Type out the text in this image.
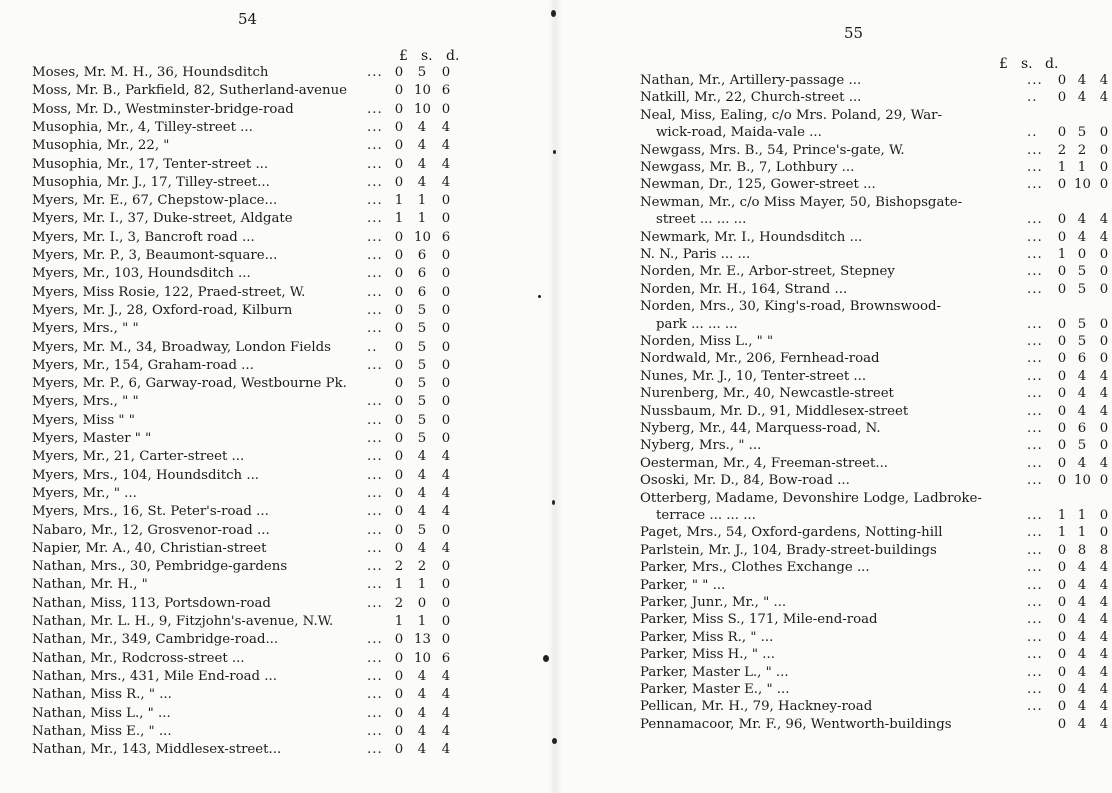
54
£ s. d.
Moses, Mr. M. H., 36, Houndsditch	... 0 5 0
Moss, Mr. B., Parkfield, 82, Sutherland-avenue	0 10 6
Moss, Mr. D., Westminster-bridge-road	... 0 10 0
Musophia, Mr., 4, Tilley-street ...	... 0 4 4
Musophia, Mr., 22, "	... 0 4 4
Musophia, Mr., 17, Tenter-street ...	... 0 4 4
Musophia, Mr. J., 17, Tilley-street...	... 0 4 4
Myers, Mr. E., 67, Chepstow-place...	... 1 1 0
Myers, Mr. I., 37, Duke-street, Aldgate	... 1 1 0
Myers, Mr. I., 3, Bancroft road ...	... 0 10 6
Myers, Mr. P., 3, Beaumont-square...	... 0 6 0
Myers, Mr., 103, Houndsditch ...	... 0 6 0
Myers, Miss Rosie, 122, Praed-street, W.	... 0 6 0
Myers, Mr. J., 28, Oxford-road, Kilburn	... 0 5 0
Myers, Mrs., " "	... 0 5 0
Myers, Mr. M., 34, Broadway, London Fields	.. 0 5 0
Myers, Mr., 154, Graham-road ...	... 0 5 0
Myers, Mr. P., 6, Garway-road, Westbourne Pk.	0 5 0
Myers, Mrs., " "	... 0 5 0
Myers, Miss " "	... 0 5 0
Myers, Master " "	... 0 5 0
Myers, Mr., 21, Carter-street ...	... 0 4 4
Myers, Mrs., 104, Houndsditch ...	... 0 4 4
Myers, Mr., " ...	... 0 4 4
Myers, Mrs., 16, St. Peter's-road ...	... 0 4 4
Nabaro, Mr., 12, Grosvenor-road ...	... 0 5 0
Napier, Mr. A., 40, Christian-street	... 0 4 4
Nathan, Mrs., 30, Pembridge-gardens	... 2 2 0
Nathan, Mr. H., "	... 1 1 0
Nathan, Miss, 113, Portsdown-road	... 2 0 0
Nathan, Mr. L. H., 9, Fitzjohn's-avenue, N.W.	1 1 0
Nathan, Mr., 349, Cambridge-road...	... 0 13 0
Nathan, Mr., Rodcross-street ...	... 0 10 6
Nathan, Mrs., 431, Mile End-road ...	... 0 4 4
Nathan, Miss R., " ...	... 0 4 4
Nathan, Miss L., " ...	... 0 4 4
Nathan, Miss E., " ...	... 0 4 4
Nathan, Mr., 143, Middlesex-street...	... 0 4 4
55
£ s. d.
Nathan, Mr., Artillery-passage ...	... 0 4 4
Natkill, Mr., 22, Church-street ...	.. 0 4 4
Neal, Miss, Ealing, c/o Mrs. Poland, 29, War-
wick-road, Maida-vale ...	.. 0 5 0
Newgass, Mrs. B., 54, Prince's-gate, W.	... 2 2 0
Newgass, Mr. B., 7, Lothbury ...	... 1 1 0
Newman, Dr., 125, Gower-street ...	... 0 10 0
Newman, Mr., c/o Miss Mayer, 50, Bishopsgate-
street ... ... ...	... 0 4 4
Newmark, Mr. I., Houndsditch ...	... 0 4 4
N. N., Paris ... ...	... 1 0 0
Norden, Mr. E., Arbor-street, Stepney	... 0 5 0
Norden, Mr. H., 164, Strand ...	... 0 5 0
Norden, Mrs., 30, King's-road, Brownswood-
park ... ... ...	... 0 5 0
Norden, Miss L., " "	... 0 5 0
Nordwald, Mr., 206, Fernhead-road	... 0 6 0
Nunes, Mr. J., 10, Tenter-street ...	... 0 4 4
Nurenberg, Mr., 40, Newcastle-street	... 0 4 4
Nussbaum, Mr. D., 91, Middlesex-street	... 0 4 4
Nyberg, Mr., 44, Marquess-road, N.	... 0 6 0
Nyberg, Mrs., " ...	... 0 5 0
Oesterman, Mr., 4, Freeman-street...	... 0 4 4
Ososki, Mr. D., 84, Bow-road ...	... 0 10 0
Otterberg, Madame, Devonshire Lodge, Ladbroke-
terrace ... ... ...	... 1 1 0
Paget, Mrs., 54, Oxford-gardens, Notting-hill	... 1 1 0
Parlstein, Mr. J., 104, Brady-street-buildings	... 0 8 8
Parker, Mrs., Clothes Exchange ...	... 0 4 4
Parker, " " ...	... 0 4 4
Parker, Junr., Mr., " ...	... 0 4 4
Parker, Miss S., 171, Mile-end-road	... 0 4 4
Parker, Miss R., " ...	... 0 4 4
Parker, Miss H., " ...	... 0 4 4
Parker, Master L., " ...	... 0 4 4
Parker, Master E., " ...	... 0 4 4
Pellican, Mr. H., 79, Hackney-road	... 0 4 4
Pennamacoor, Mr. F., 96, Wentworth-buildings	0 4 4
